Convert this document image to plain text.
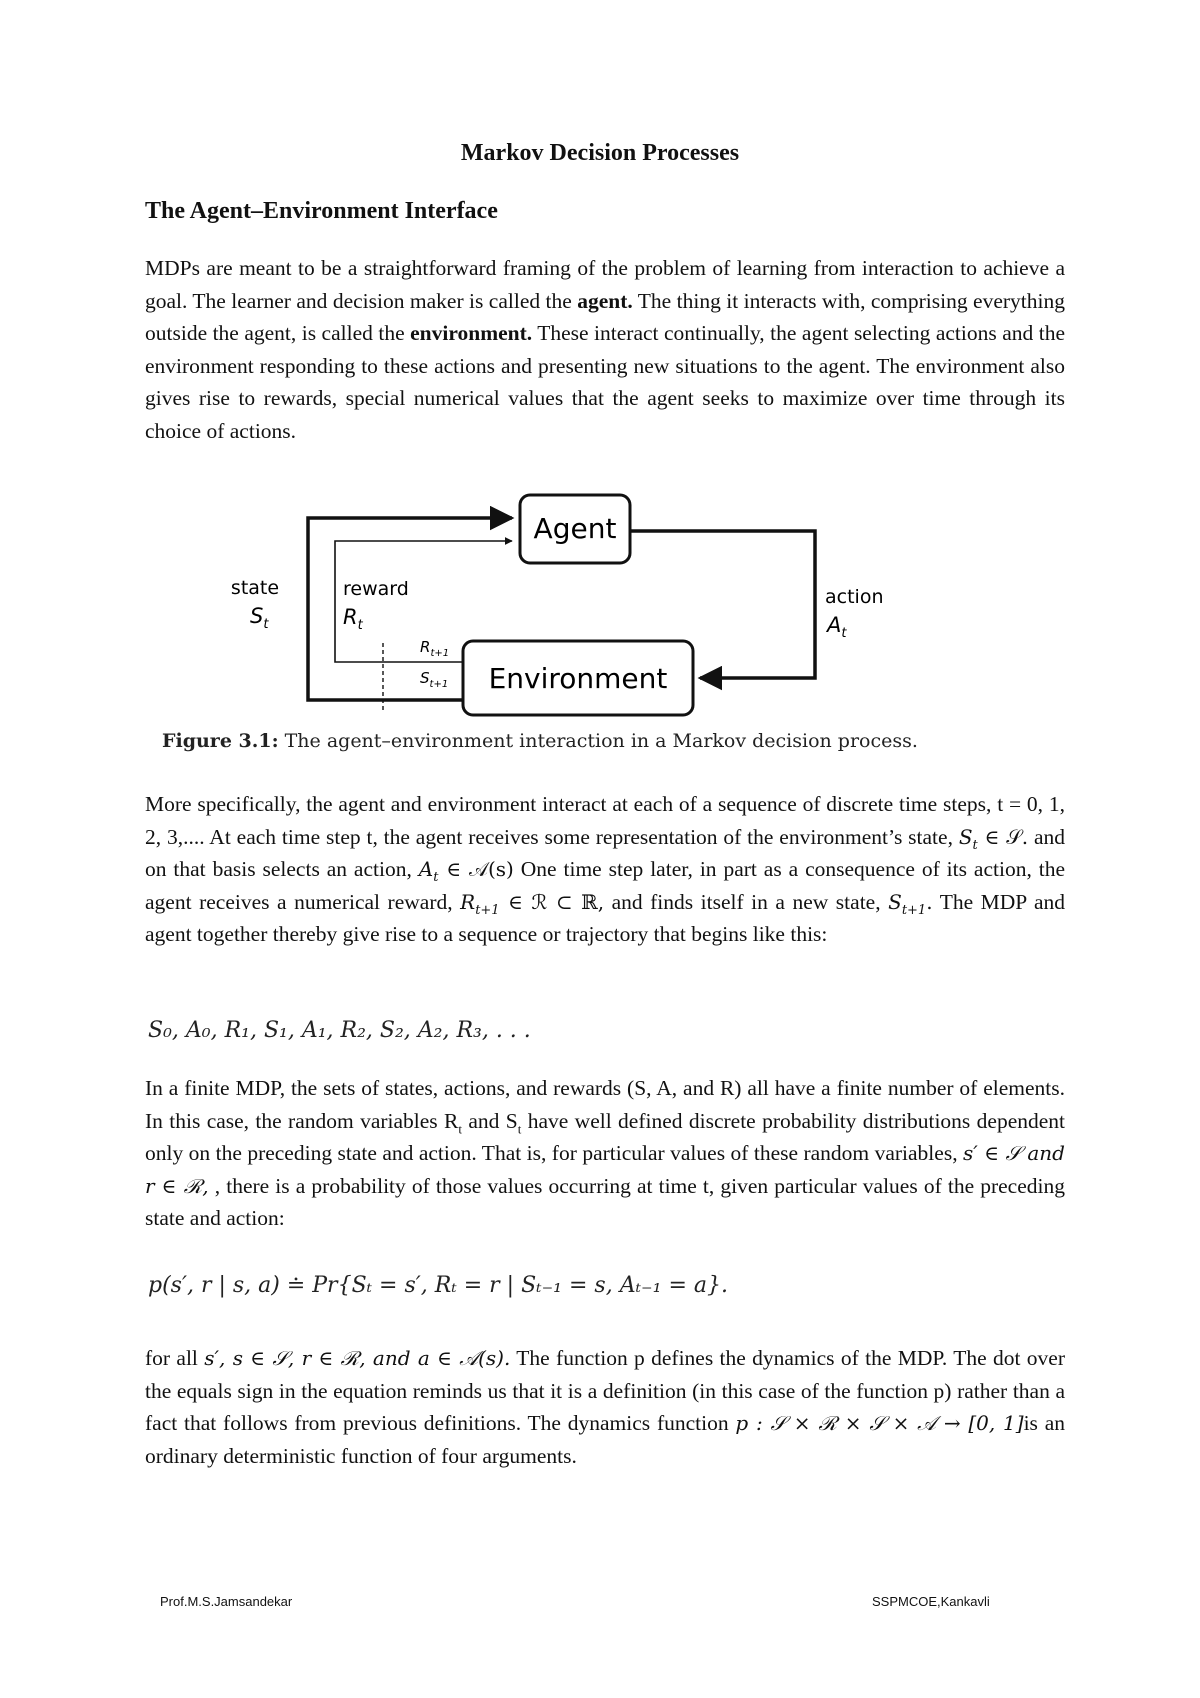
Markov Decision Processes
The Agent–Environment Interface
MDPs are meant to be a straightforward framing of the problem of learning from interaction to achieve a goal. The learner and decision maker is called the agent. The thing it interacts with, comprising everything outside the agent, is called the environment. These interact continually, the agent selecting actions and the environment responding to these actions and presenting new situations to the agent. The environment also gives rise to rewards, special numerical values that the agent seeks to maximize over time through its choice of actions.
Agent
Environment
state
$S_t$
reward
$R_t$
action
$A_t$
$R_{t+1}$
$S_{t+1}$
Figure 3.1: The agent–environment interaction in a Markov decision process.
More specifically, the agent and environment interact at each of a sequence of discrete time steps, t = 0, 1, 2, 3,.... At each time step t, the agent receives some representation of the environment’s state, $S_t$ ∈ 𝒮. and on that basis selects an action, $A_t$ ∈ 𝒜(s) One time step later, in part as a consequence of its action, the agent receives a numerical reward, $R_{t+1}$ ∈ ℛ ⊂ ℝ, and finds itself in a new state, $S_{t+1}$. The MDP and agent together thereby give rise to a sequence or trajectory that begins like this:
S₀, A₀, R₁, S₁, A₁, R₂, S₂, A₂, R₃, . . .
In a finite MDP, the sets of states, actions, and rewards (S, A, and R) all have a finite number of elements. In this case, the random variables $R_t$ and $S_t$ have well defined discrete probability distributions dependent only on the preceding state and action. That is, for particular values of these random variables, s′ ∈ 𝒮 and r ∈ ℛ, , there is a probability of those values occurring at time t, given particular values of the preceding state and action:
p(s′, r | s, a) ≐ Pr{Sₜ = s′, Rₜ = r | Sₜ₋₁ = s, Aₜ₋₁ = a}.
for all s′, s ∈ 𝒮, r ∈ ℛ, and a ∈ 𝒜(s). The function p defines the dynamics of the MDP. The dot over the equals sign in the equation reminds us that it is a definition (in this case of the function p) rather than a fact that follows from previous definitions. The dynamics function p : 𝒮 × ℛ × 𝒮 × 𝒜 → [0, 1]is an ordinary deterministic function of four arguments.
Prof.M.S.Jamsandekar	SSPMCOE,Kankavli
